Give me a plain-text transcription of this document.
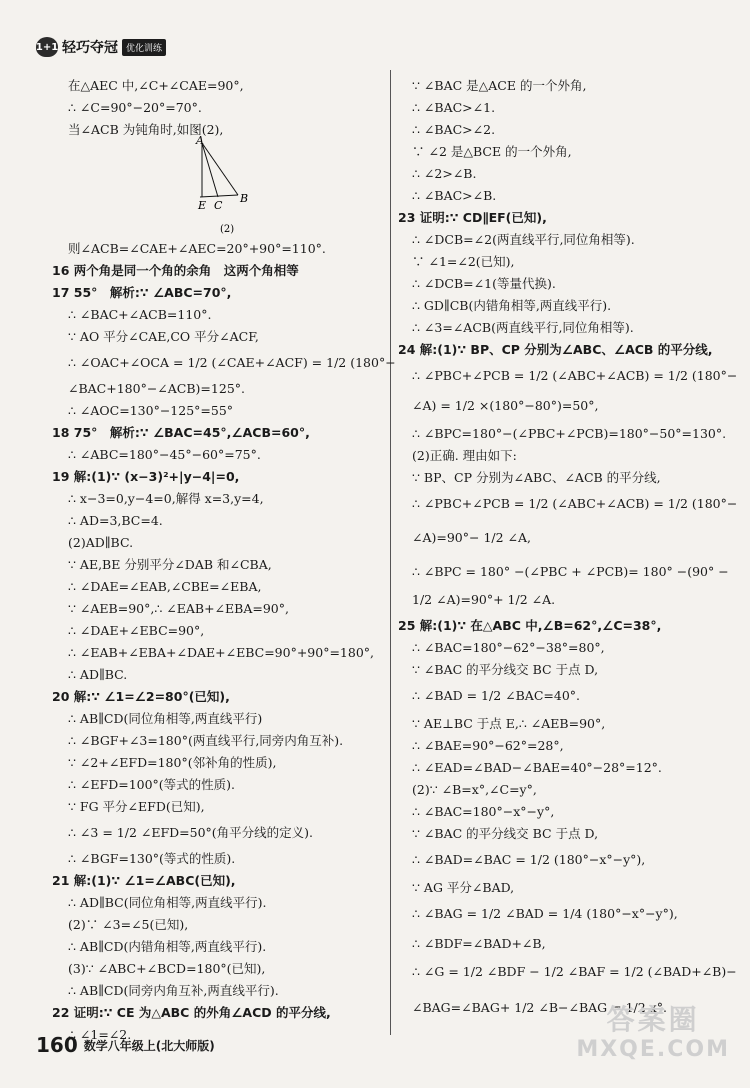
1+1 轻巧夺冠 优化训练
在△AEC 中,∠C+∠CAE=90°,
∴ ∠C=90°−20°=70°.
当∠ACB 为钝角时,如图(2),
则∠ACB=∠CAE+∠AEC=20°+90°=110°.
16 两个角是同一个角的余角　这两个角相等
17 55°　解析:∵ ∠ABC=70°,
∴ ∠BAC+∠ACB=110°.
∵ AO 平分∠CAE,CO 平分∠ACF,
∴ ∠OAC+∠OCA = 1/2 (∠CAE+∠ACF) = 1/2 (180°−
∠BAC+180°−∠ACB)=125°.
∴ ∠AOC=130°−125°=55°
18 75°　解析:∵ ∠BAC=45°,∠ACB=60°,
∴ ∠ABC=180°−45°−60°=75°.
19 解:(1)∵ (x−3)²+|y−4|=0,
∴ x−3=0,y−4=0,解得 x=3,y=4,
∴ AD=3,BC=4.
(2)AD∥BC.
∵ AE,BE 分别平分∠DAB 和∠CBA,
∴ ∠DAE=∠EAB,∠CBE=∠EBA,
∵ ∠AEB=90°,∴ ∠EAB+∠EBA=90°,
∴ ∠DAE+∠EBC=90°,
∴ ∠EAB+∠EBA+∠DAE+∠EBC=90°+90°=180°,
∴ AD∥BC.
20 解:∵ ∠1=∠2=80°(已知),
∴ AB∥CD(同位角相等,两直线平行)
∴ ∠BGF+∠3=180°(两直线平行,同旁内角互补).
∵ ∠2+∠EFD=180°(邻补角的性质),
∴ ∠EFD=100°(等式的性质).
∵ FG 平分∠EFD(已知),
∴ ∠3 = 1/2 ∠EFD=50°(角平分线的定义).
∴ ∠BGF=130°(等式的性质).
21 解:(1)∵ ∠1=∠ABC(已知),
∴ AD∥BC(同位角相等,两直线平行).
(2)∵ ∠3=∠5(已知),
∴ AB∥CD(内错角相等,两直线平行).
(3)∵ ∠ABC+∠BCD=180°(已知),
∴ AB∥CD(同旁内角互补,两直线平行).
22 证明:∵ CE 为△ABC 的外角∠ACD 的平分线,
∴ ∠1=∠2.
∵ ∠BAC 是△ACE 的一个外角,
∴ ∠BAC>∠1.
∴ ∠BAC>∠2.
∵ ∠2 是△BCE 的一个外角,
∴ ∠2>∠B.
∴ ∠BAC>∠B.
23 证明:∵ CD∥EF(已知),
∴ ∠DCB=∠2(两直线平行,同位角相等).
∵ ∠1=∠2(已知),
∴ ∠DCB=∠1(等量代换).
∴ GD∥CB(内错角相等,两直线平行).
∴ ∠3=∠ACB(两直线平行,同位角相等).
24 解:(1)∵ BP、CP 分别为∠ABC、∠ACB 的平分线,
∴ ∠PBC+∠PCB = 1/2 (∠ABC+∠ACB) = 1/2 (180°−
∠A) = 1/2 ×(180°−80°)=50°,
∴ ∠BPC=180°−(∠PBC+∠PCB)=180°−50°=130°.
(2)正确. 理由如下:
∵ BP、CP 分别为∠ABC、∠ACB 的平分线,
∴ ∠PBC+∠PCB = 1/2 (∠ABC+∠ACB) = 1/2 (180°−
∠A)=90°− 1/2 ∠A,
∴ ∠BPC = 180° −(∠PBC + ∠PCB)= 180° −(90° −
1/2 ∠A)=90°+ 1/2 ∠A.
25 解:(1)∵ 在△ABC 中,∠B=62°,∠C=38°,
∴ ∠BAC=180°−62°−38°=80°,
∵ ∠BAC 的平分线交 BC 于点 D,
∴ ∠BAD = 1/2 ∠BAC=40°.
∵ AE⊥BC 于点 E,∴ ∠AEB=90°,
∴ ∠BAE=90°−62°=28°,
∴ ∠EAD=∠BAD−∠BAE=40°−28°=12°.
(2)∵ ∠B=x°,∠C=y°,
∴ ∠BAC=180°−x°−y°,
∵ ∠BAC 的平分线交 BC 于点 D,
∴ ∠BAD=∠BAC = 1/2 (180°−x°−y°),
∵ AG 平分∠BAD,
∴ ∠BAG = 1/2 ∠BAD = 1/4 (180°−x°−y°),
∴ ∠BDF=∠BAD+∠B,
∴ ∠G = 1/2 ∠BDF − 1/2 ∠BAF = 1/2 (∠BAD+∠B)−
∠BAG=∠BAG+ 1/2 ∠B−∠BAG = 1/2 x°.
A
E C
B
(2)
160 数学八年级上(北大师版)
答案圈
MXQE.COM
